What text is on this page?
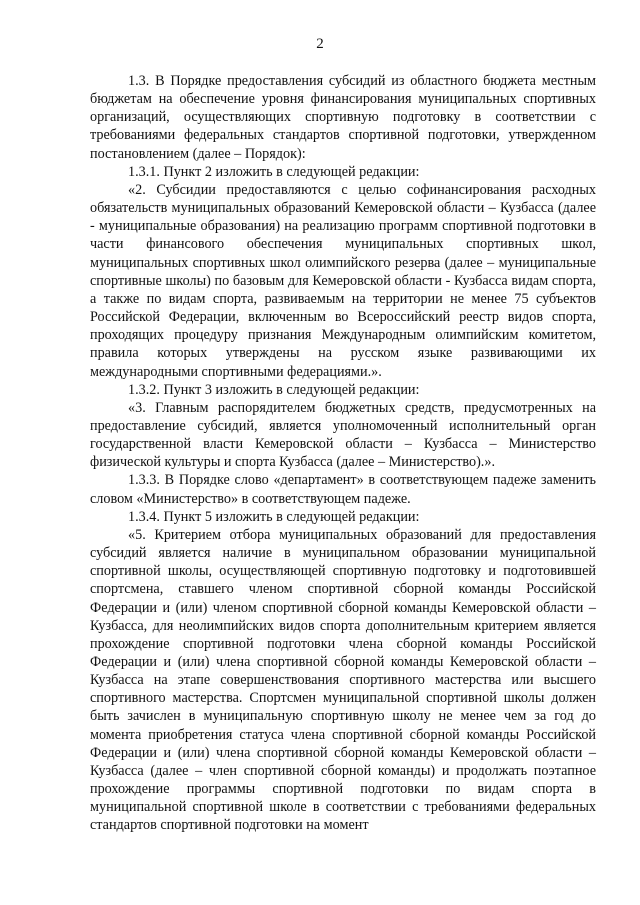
2

1.3. В Порядке предоставления субсидий из областного бюджета местным бюджетам на обеспечение уровня финансирования муниципальных спортивных организаций, осуществляющих спортивную подготовку в соответствии с требованиями федеральных стандартов спортивной подготовки, утвержденном постановлением (далее – Порядок):

1.3.1. Пункт 2 изложить в следующей редакции:

«2. Субсидии предоставляются с целью софинансирования расходных обязательств муниципальных образований Кемеровской области – Кузбасса (далее - муниципальные образования) на реализацию программ спортивной подготовки в части финансового обеспечения муниципальных спортивных школ, муниципальных спортивных школ олимпийского резерва (далее – муниципальные спортивные школы) по базовым для Кемеровской области - Кузбасса видам спорта, а также по видам спорта, развиваемым на территории не менее 75 субъектов Российской Федерации, включенным во Всероссийский реестр видов спорта, проходящих процедуру признания Международным олимпийским комитетом, правила которых утверждены на русском языке развивающими их международными спортивными федерациями.».

1.3.2. Пункт 3 изложить в следующей редакции:

«3. Главным распорядителем бюджетных средств, предусмотренных на предоставление субсидий, является уполномоченный исполнительный орган государственной власти Кемеровской области – Кузбасса – Министерство физической культуры и спорта Кузбасса (далее – Министерство).».

1.3.3. В Порядке слово «департамент» в соответствующем падеже заменить словом «Министерство» в соответствующем падеже.

1.3.4. Пункт 5 изложить в следующей редакции:

«5. Критерием отбора муниципальных образований для предоставления субсидий является наличие в муниципальном образовании муниципальной спортивной школы, осуществляющей спортивную подготовку и подготовившей спортсмена, ставшего членом спортивной сборной команды Российской Федерации и (или) членом спортивной сборной команды Кемеровской области – Кузбасса, для неолимпийских видов спорта дополнительным критерием является прохождение спортивной подготовки члена сборной команды Российской Федерации и (или) члена спортивной сборной команды Кемеровской области – Кузбасса на этапе совершенствования спортивного мастерства или высшего спортивного мастерства. Спортсмен муниципальной спортивной школы должен быть зачислен в муниципальную спортивную школу не менее чем за год до момента приобретения статуса члена спортивной сборной команды Российской Федерации и (или) члена спортивной сборной команды Кемеровской области – Кузбасса (далее – член спортивной сборной команды) и продолжать поэтапное прохождение программы спортивной подготовки по видам спорта в муниципальной спортивной школе в соответствии с требованиями федеральных стандартов спортивной подготовки на момент
